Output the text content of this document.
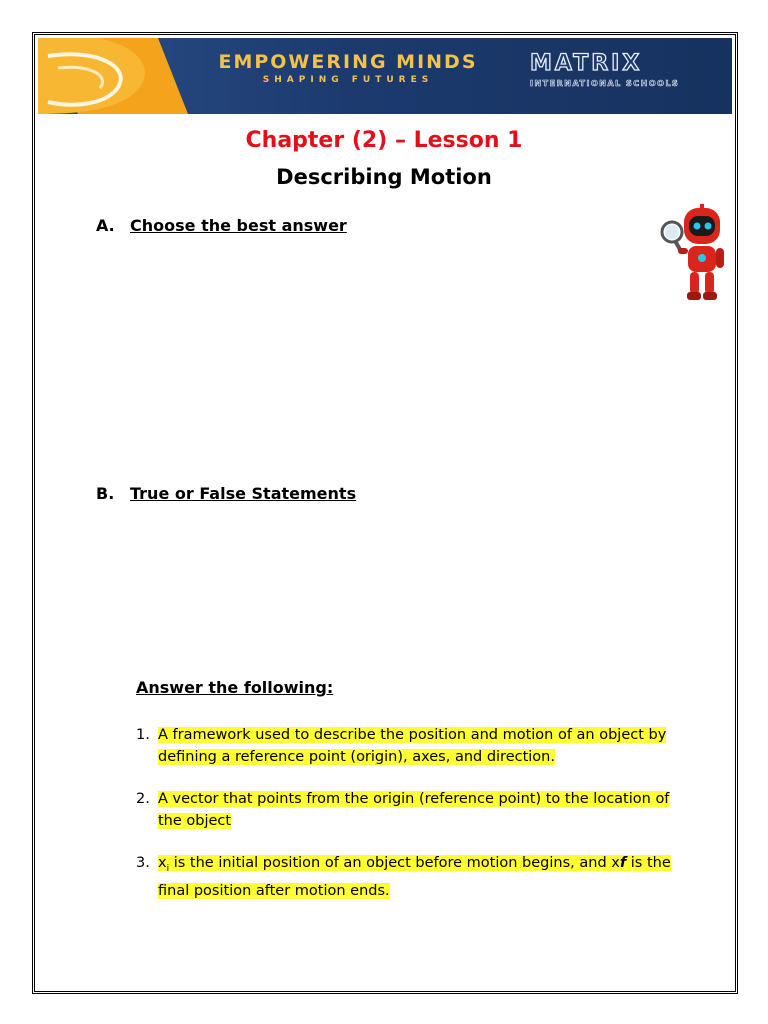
EMPOWERING MINDS
SHAPING FUTURES
MATRIX
INTERNATIONAL SCHOOLS
Chapter (2) – Lesson 1
Describing Motion
A. Choose the best answer
B. True or False Statements
Answer the following:
1. A framework used to describe the position and motion of an object by defining a reference point (origin), axes, and direction.
2. A vector that points from the origin (reference point) to the location of the object
3. $x_i$ is the initial position of an object before motion begins, and xf is the final position after motion ends.
